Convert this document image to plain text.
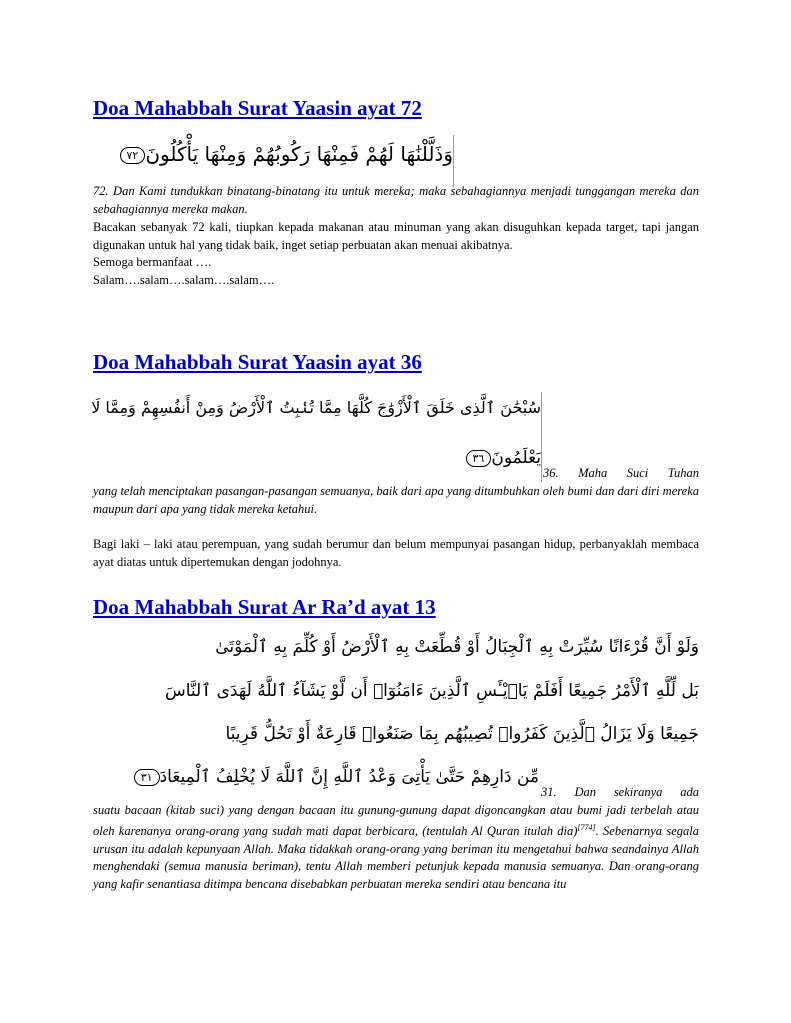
Doa Mahabbah Surat Yaasin ayat 72
وَذَلَّلْنَٰهَا لَهُمْ فَمِنْهَا رَكُوبُهُمْ وَمِنْهَا يَأْكُلُونَ٧٢

72. Dan Kami tundukkan binatang-binatang itu untuk mereka; maka sebahagiannya menjadi tunggangan mereka dan sebahagiannya mereka makan.

Bacakan sebanyak 72 kali, tiupkan kepada makanan atau minuman yang akan disuguhkan kepada target, tapi jangan digunakan untuk hal yang tidak baik, inget setiap perbuatan akan menuai akibatnya.

Semoga bermanfaat ….

Salam….salam….salam….salam….

Doa Mahabbah Surat Yaasin ayat 36
سُبْحَٰنَ ٱلَّذِى خَلَقَ ٱلْأَزْوَٰجَ كُلَّهَا مِمَّا تُنۢبِتُ ٱلْأَرْضُ وَمِنْ أَنفُسِهِمْ وَمِمَّا لَا
يَعْلَمُونَ٣٦

36. Maha Suci Tuhan

yang telah menciptakan pasangan-pasangan semuanya, baik dari apa yang ditumbuhkan oleh bumi dan dari diri mereka maupun dari apa yang tidak mereka ketahui.

Bagi laki – laki atau perempuan, yang sudah berumur dan belum mempunyai pasangan hidup, perbanyaklah membaca ayat diatas untuk dipertemukan dengan jodohnya.

Doa Mahabbah Surat Ar Ra’d ayat 13
وَلَوْ أَنَّ قُرْءَانًا سُيِّرَتْ بِهِ ٱلْجِبَالُ أَوْ قُطِّعَتْ بِهِ ٱلْأَرْضُ أَوْ كُلِّمَ بِهِ ٱلْمَوْتَىٰ
بَل لِّلَّهِ ٱلْأَمْرُ جَمِيعًا أَفَلَمْ يَا۟يْـَٔسِ ٱلَّذِينَ ءَامَنُوٓا۟ أَن لَّوْ يَشَآءُ ٱللَّهُ لَهَدَى ٱلنَّاسَ
جَمِيعًا وَلَا يَزَالُ ٱلَّذِينَ كَفَرُوا۟ تُصِيبُهُم بِمَا صَنَعُوا۟ قَارِعَةٌ أَوْ تَحُلُّ قَرِيبًا
مِّن دَارِهِمْ حَتَّىٰ يَأْتِىَ وَعْدُ ٱللَّهِ إِنَّ ٱللَّهَ لَا يُخْلِفُ ٱلْمِيعَادَ٣١

31. Dan sekiranya ada

suatu bacaan (kitab suci) yang dengan bacaan itu gunung-gunung dapat digoncangkan atau bumi jadi terbelah atau oleh karenanya orang-orang yang sudah mati dapat berbicara, (tentulah Al Quran itulah dia)[774]. Sebenarnya segala urusan itu adalah kepunyaan Allah. Maka tidakkah orang-orang yang beriman itu mengetahui bahwa seandainya Allah menghendaki (semua manusia beriman), tentu Allah memberi petunjuk kepada manusia semuanya. Dan orang-orang yang kafir senantiasa ditimpa bencana disebabkan perbuatan mereka sendiri atau bencana itu
